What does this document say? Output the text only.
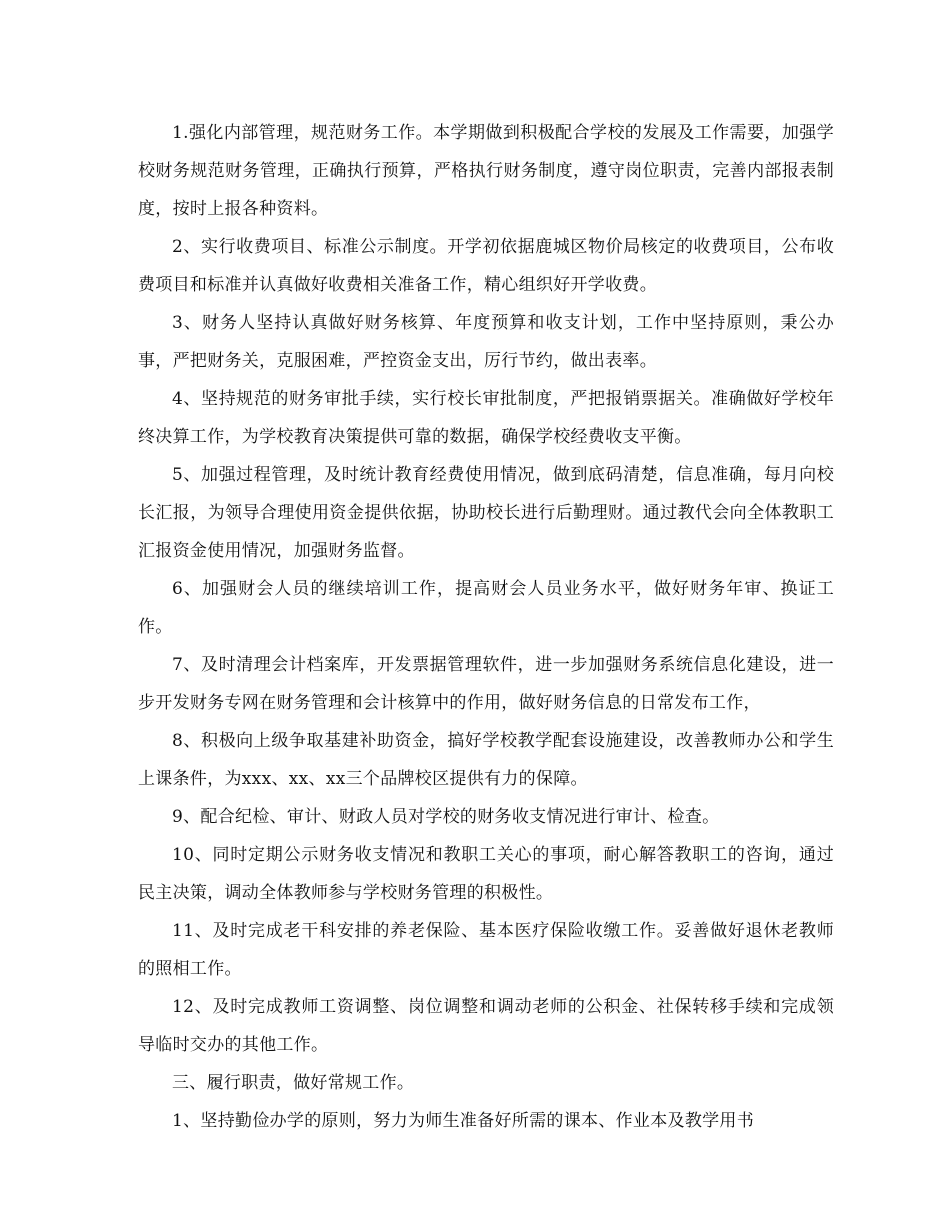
1.强化内部管理，规范财务工作。本学期做到积极配合学校的发展及工作需要，加强学校财务规范财务管理，正确执行预算，严格执行财务制度，遵守岗位职责，完善内部报表制度，按时上报各种资料。

2、实行收费项目、标准公示制度。开学初依据鹿城区物价局核定的收费项目，公布收费项目和标准并认真做好收费相关准备工作，精心组织好开学收费。

3、财务人坚持认真做好财务核算、年度预算和收支计划，工作中坚持原则，秉公办事，严把财务关，克服困难，严控资金支出，厉行节约，做出表率。

4、坚持规范的财务审批手续，实行校长审批制度，严把报销票据关。准确做好学校年终决算工作，为学校教育决策提供可靠的数据，确保学校经费收支平衡。

5、加强过程管理，及时统计教育经费使用情况，做到底码清楚，信息准确，每月向校长汇报，为领导合理使用资金提供依据，协助校长进行后勤理财。通过教代会向全体教职工汇报资金使用情况，加强财务监督。

6、加强财会人员的继续培训工作，提高财会人员业务水平，做好财务年审、换证工作。

7、及时清理会计档案库，开发票据管理软件，进一步加强财务系统信息化建设，进一步开发财务专网在财务管理和会计核算中的作用，做好财务信息的日常发布工作，

8、积极向上级争取基建补助资金，搞好学校教学配套设施建设，改善教师办公和学生上课条件，为xxx、xx、xx三个品牌校区提供有力的保障。

9、配合纪检、审计、财政人员对学校的财务收支情况进行审计、检查。

10、同时定期公示财务收支情况和教职工关心的事项，耐心解答教职工的咨询，通过民主决策，调动全体教师参与学校财务管理的积极性。

11、及时完成老干科安排的养老保险、基本医疗保险收缴工作。妥善做好退休老教师的照相工作。

12、及时完成教师工资调整、岗位调整和调动老师的公积金、社保转移手续和完成领导临时交办的其他工作。

三、履行职责，做好常规工作。

1、坚持勤俭办学的原则，努力为师生准备好所需的课本、作业本及教学用书
